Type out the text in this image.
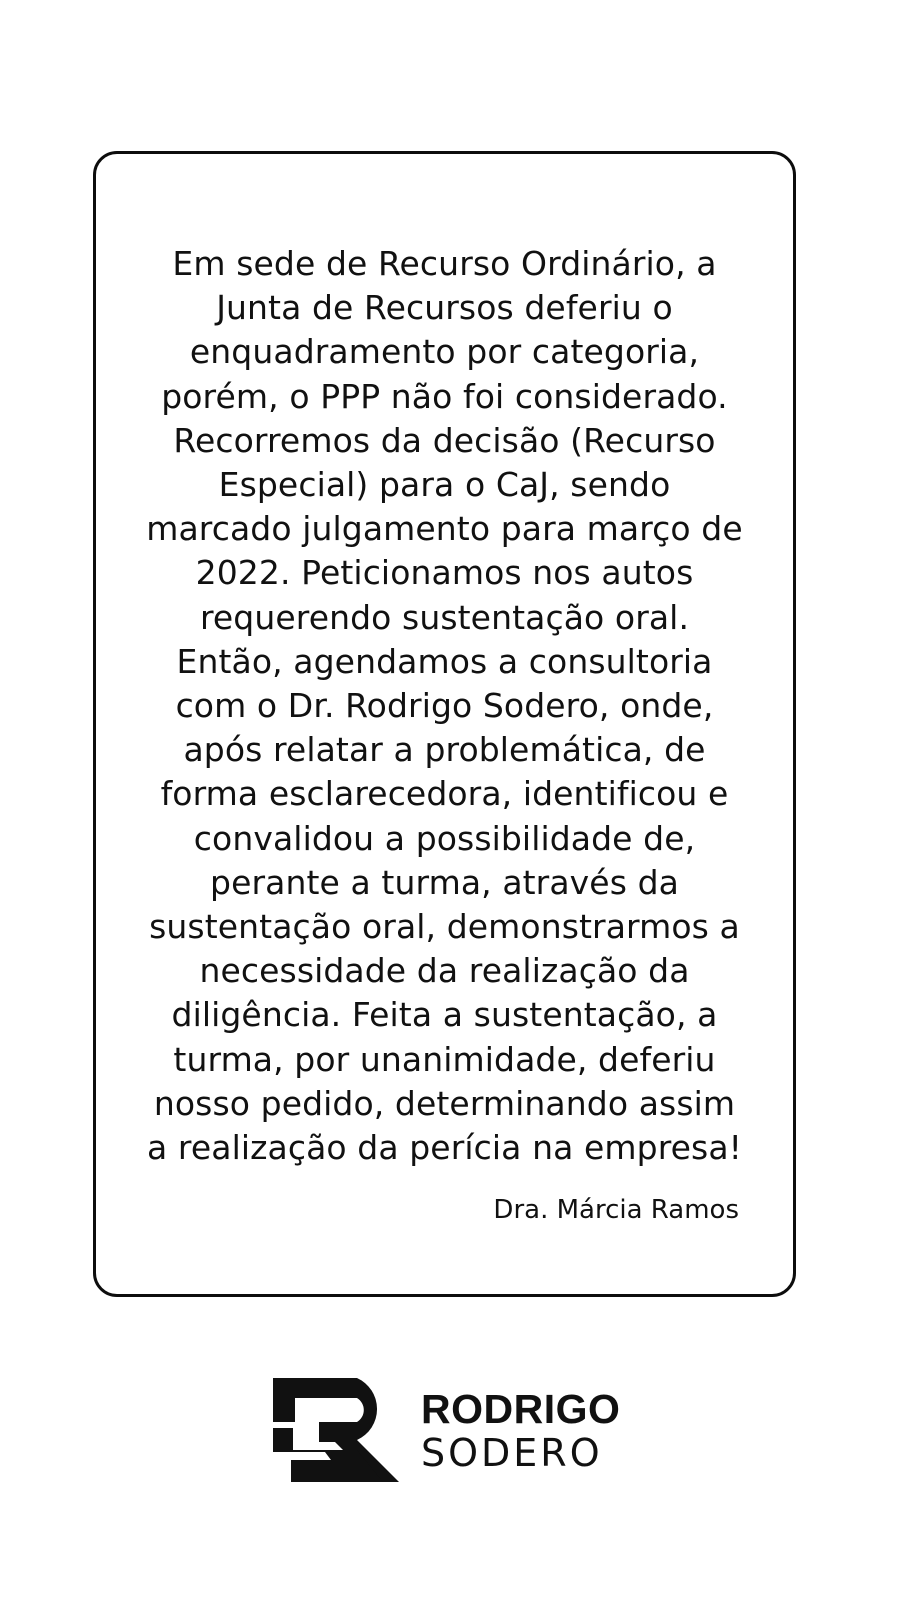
Em sede de Recurso Ordinário, a
Junta de Recursos deferiu o
enquadramento por categoria,
porém, o PPP não foi considerado.
Recorremos da decisão (Recurso
Especial) para o CaJ, sendo
marcado julgamento para março de
2022. Peticionamos nos autos
requerendo sustentação oral.
Então, agendamos a consultoria
com o Dr. Rodrigo Sodero, onde,
após relatar a problemática, de
forma esclarecedora, identificou e
convalidou a possibilidade de,
perante a turma, através da
sustentação oral, demonstrarmos a
necessidade da realização da
diligência. Feita a sustentação, a
turma, por unanimidade, deferiu
nosso pedido, determinando assim
a realização da perícia na empresa!

Dra. Márcia Ramos

RODRIGO
SODERO
